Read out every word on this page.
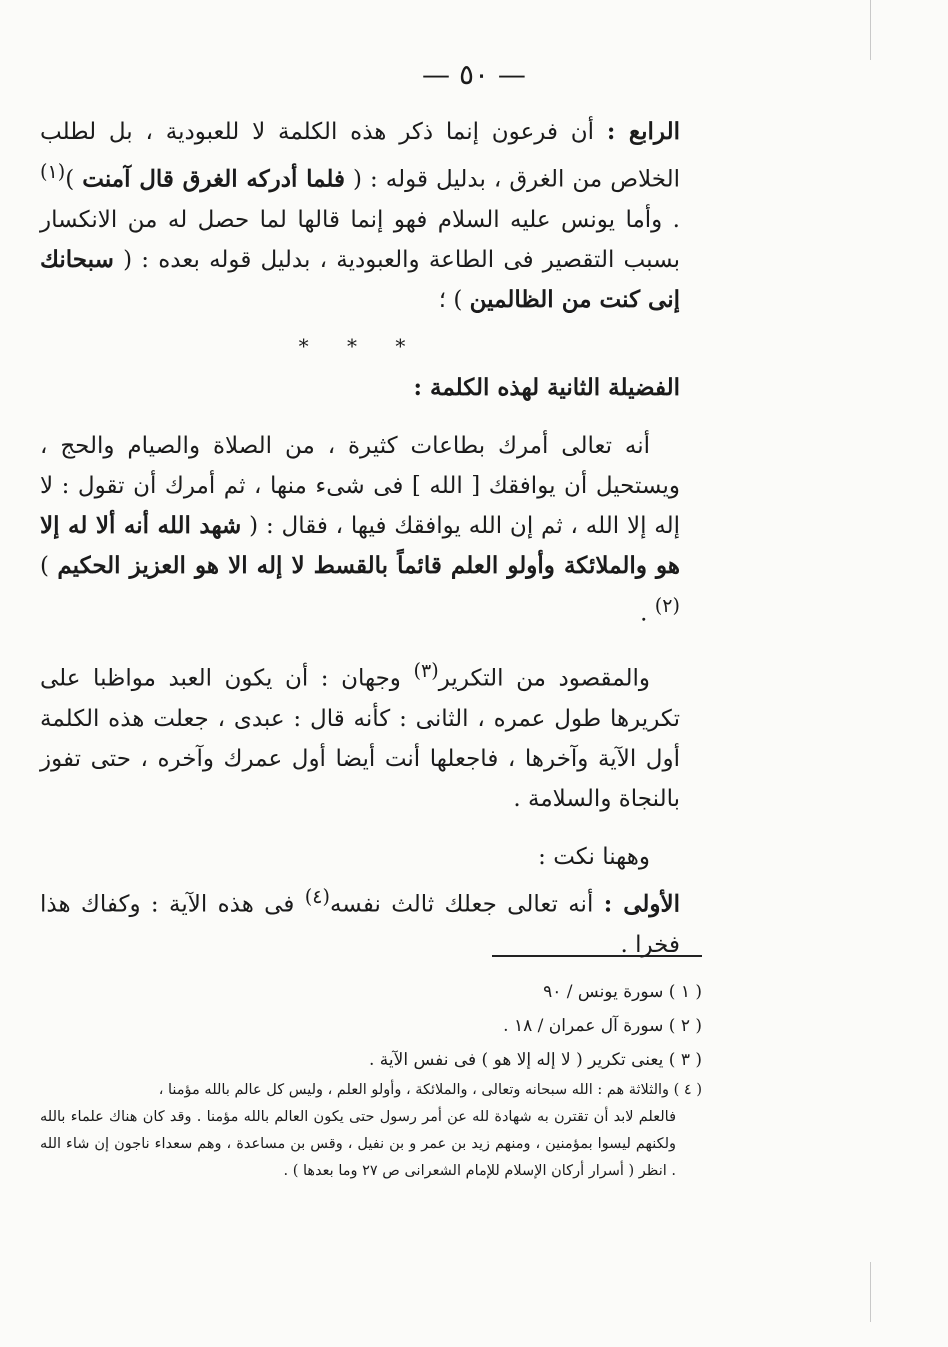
— ٥٠ —

الرابع : أن فرعون إنما ذكر هذه الكلمة لا للعبودية ، بل لطلب الخلاص من الغرق ، بدليل قوله : ( فلما أدركه الغرق قال آمنت )$^{(١)}$ . وأما يونس عليه السلام فهو إنما قالها لما حصل له من الانكسار بسبب التقصير فى الطاعة والعبودية ، بدليل قوله بعده : ( سبحانك إنى كنت من الظالمين ) ؛

* * *

الفضيلة الثانية لهذه الكلمة :

أنه تعالى أمرك بطاعات كثيرة ، من الصلاة والصيام والحج ، ويستحيل أن يوافقك [ الله ] فى شىء منها ، ثم أمرك أن تقول : لا إله إلا الله ، ثم إن الله يوافقك فيها ، فقال : ( شهد الله أنه ألا له إلا هو والملائكة وأولو العلم قائماً بالقسط لا إله الا هو العزيز الحكيم )$^{(٢)}$ .

والمقصود من التكرير$^{(٣)}$ وجهان : أن يكون العبد مواظبا على تكريرها طول عمره ، الثانى : كأنه قال : عبدى ، جعلت هذه الكلمة أول الآية وآخرها ، فاجعلها أنت أيضا أول عمرك وآخره ، حتى تفوز بالنجاة والسلامة .

وههنا نكت :

الأولى : أنه تعالى جعلك ثالث نفسه$^{(٤)}$ فى هذه الآية : وكفاك هذا فخرا .

( ١ ) سورة يونس / ٩٠

( ٢ ) سورة آل عمران / ١٨ .

( ٣ ) يعنى تكرير ( لا إله إلا هو ) فى نفس الآية .

( ٤ ) والثلاثة هم : الله سبحانه وتعالى ، والملائكة ، وأولو العلم ، وليس كل عالم بالله مؤمنا ،
فالعلم لابد أن تقترن به شهادة لله عن أمر رسول حتى يكون العالم بالله مؤمنا . وقد كان هناك علماء بالله ولكنهم ليسوا بمؤمنين ، ومنهم زيد بن عمر و بن نفيل ، وقس بن مساعدة ، وهم سعداء ناجون إن شاء الله . انظر ( أسرار أركان الإسلام للإمام الشعرانى ص ٢٧ وما بعدها ) .
